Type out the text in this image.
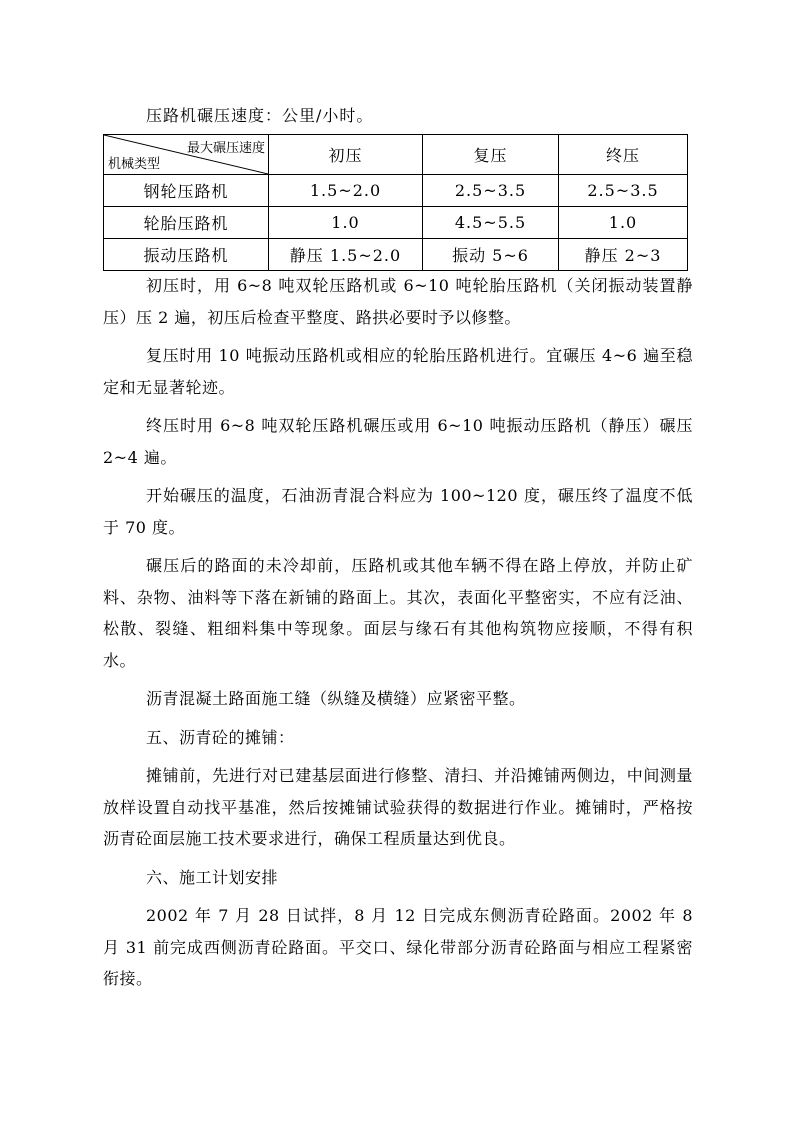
压路机碾压速度：公里/小时。
最大碾压速度
机械类型	初压	复压	终压
钢轮压路机	1.5~2.0	2.5~3.5	2.5~3.5
轮胎压路机	1.0	4.5~5.5	1.0
振动压路机	静压 1.5~2.0	振动 5~6	静压 2~3

初压时，用 6~8 吨双轮压路机或 6~10 吨轮胎压路机（关闭振动装置静压）压 2 遍，初压后检查平整度、路拱必要时予以修整。

复压时用 10 吨振动压路机或相应的轮胎压路机进行。宜碾压 4~6 遍至稳定和无显著轮迹。

终压时用 6~8 吨双轮压路机碾压或用 6~10 吨振动压路机（静压）碾压 2~4 遍。

开始碾压的温度，石油沥青混合料应为 100~120 度，碾压终了温度不低于 70 度。

碾压后的路面的未冷却前，压路机或其他车辆不得在路上停放，并防止矿料、杂物、油料等下落在新铺的路面上。其次，表面化平整密实，不应有泛油、松散、裂缝、粗细料集中等现象。面层与缘石有其他构筑物应接顺，不得有积水。

沥青混凝土路面施工缝（纵缝及横缝）应紧密平整。

五、沥青砼的摊铺：

摊铺前，先进行对已建基层面进行修整、清扫、并沿摊铺两侧边，中间测量放样设置自动找平基准，然后按摊铺试验获得的数据进行作业。摊铺时，严格按沥青砼面层施工技术要求进行，确保工程质量达到优良。

六、施工计划安排

2002 年 7 月 28 日试拌，8 月 12 日完成东侧沥青砼路面。2002 年 8 月 31 前完成西侧沥青砼路面。平交口、绿化带部分沥青砼路面与相应工程紧密衔接。
